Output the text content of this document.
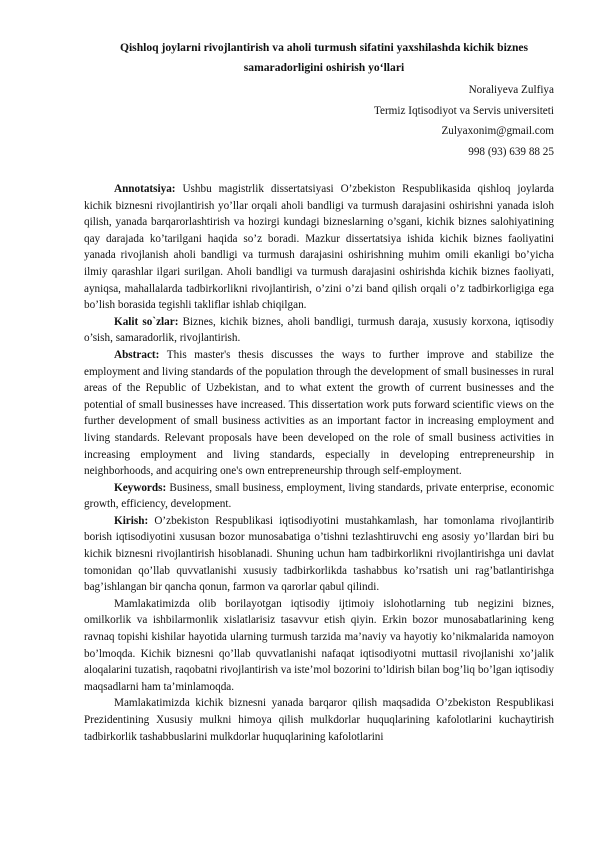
Qishloq joylarni rivojlantirish va aholi turmush sifatini yaxshilashda kichik biznes samaradorligini oshirish yo‘llari
Noraliyeva Zulfiya
Termiz Iqtisodiyot va Servis universiteti
Zulyaxonim@gmail.com
998 (93) 639 88 25

Annotatsiya: Ushbu magistrlik dissertatsiyasi O’zbekiston Respublikasida qishloq joylarda kichik biznesni rivojlantirish yo’llar orqali aholi bandligi va turmush darajasini oshirishni yanada isloh qilish, yanada barqarorlashtirish va hozirgi kundagi bizneslarning o’sgani, kichik biznes salohiyatining qay darajada ko’tarilgani haqida so’z boradi. Mazkur dissertatsiya ishida kichik biznes faoliyatini yanada rivojlanish aholi bandligi va turmush darajasini oshirishning muhim omili ekanligi bo’yicha ilmiy qarashlar ilgari surilgan. Aholi bandligi va turmush darajasini oshirishda kichik biznes faoliyati, ayniqsa, mahallalarda tadbirkorlikni rivojlantirish, o’zini o’zi band qilish orqali o’z tadbirkorligiga ega bo’lish borasida tegishli takliflar ishlab chiqilgan.

Kalit so`zlar: Biznes, kichik biznes, aholi bandligi, turmush daraja, xususiy korxona, iqtisodiy o’sish, samaradorlik, rivojlantirish.

Abstract: This master's thesis discusses the ways to further improve and stabilize the employment and living standards of the population through the development of small businesses in rural areas of the Republic of Uzbekistan, and to what extent the growth of current businesses and the potential of small businesses have increased. This dissertation work puts forward scientific views on the further development of small business activities as an important factor in increasing employment and living standards. Relevant proposals have been developed on the role of small business activities in increasing employment and living standards, especially in developing entrepreneurship in neighborhoods, and acquiring one's own entrepreneurship through self-employment.

Keywords: Business, small business, employment, living standards, private enterprise, economic growth, efficiency, development.

Kirish: O’zbekiston Respublikasi iqtisodiyotini mustahkamlash, har tomonlama rivojlantirib borish iqtisodiyotini xususan bozor munosabatiga o’tishni tezlashtiruvchi eng asosiy yo’llardan biri bu kichik biznesni rivojlantirish hisoblanadi. Shuning uchun ham tadbirkorlikni rivojlantirishga uni davlat tomonidan qo’llab quvvatlanishi xususiy tadbirkorlikda tashabbus ko’rsatish uni rag’batlantirishga bag’ishlangan bir qancha qonun, farmon va qarorlar qabul qilindi.

Mamlakatimizda olib borilayotgan iqtisodiy ijtimoiy islohotlarning tub negizini biznes, omilkorlik va ishbilarmonlik xislatlarisiz tasavvur etish qiyin. Erkin bozor munosabatlarining keng ravnaq topishi kishilar hayotida ularning turmush tarzida ma’naviy va hayotiy ko’nikmalarida namoyon bo’lmoqda. Kichik biznesni qo’llab quvvatlanishi nafaqat iqtisodiyotni muttasil rivojlanishi xo’jalik aloqalarini tuzatish, raqobatni rivojlantirish va iste’mol bozorini to’ldirish bilan bog’liq bo’lgan iqtisodiy maqsadlarni ham ta’minlamoqda.

Mamlakatimizda kichik biznesni yanada barqaror qilish maqsadida O’zbekiston Respublikasi Prezidentining Xususiy mulkni himoya qilish mulkdorlar huquqlarining kafolotlarini kuchaytirish tadbirkorlik tashabbuslarini mulkdorlar huquqlarining kafolotlarini
